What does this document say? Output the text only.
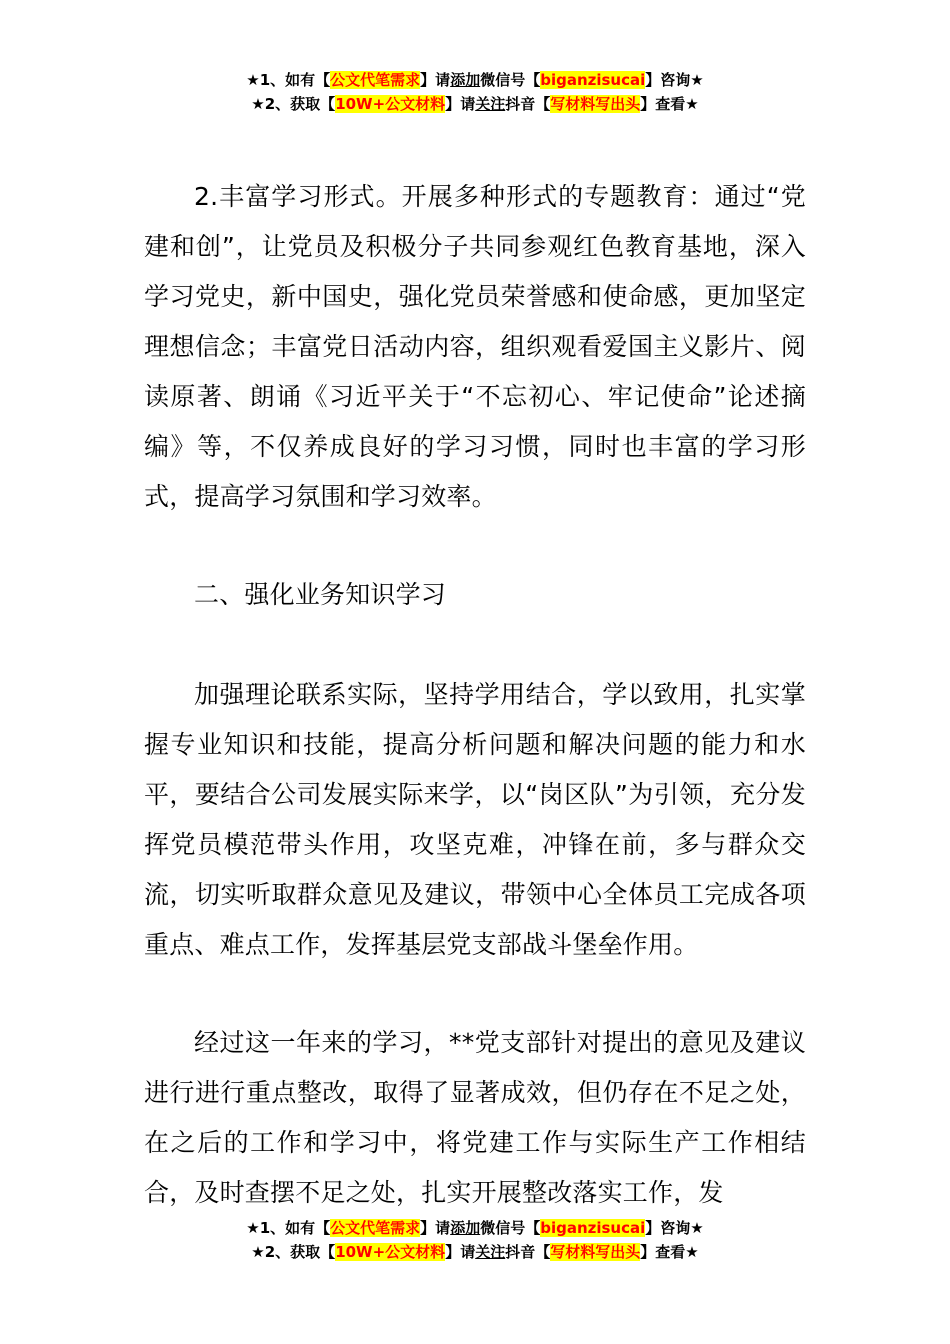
★1、如有【公文代笔需求】请添加微信号【biganzisucai】咨询★
★2、获取【10W+公文材料】请关注抖音【写材料写出头】查看★

2.丰富学习形式。开展多种形式的专题教育：通过“党建和创”，让党员及积极分子共同参观红色教育基地，深入学习党史，新中国史，强化党员荣誉感和使命感，更加坚定理想信念；丰富党日活动内容，组织观看爱国主义影片、阅读原著、朗诵《习近平关于“不忘初心、牢记使命”论述摘编》等，不仅养成良好的学习习惯，同时也丰富的学习形式，提高学习氛围和学习效率。

二、强化业务知识学习

加强理论联系实际，坚持学用结合，学以致用，扎实掌握专业知识和技能，提高分析问题和解决问题的能力和水平，要结合公司发展实际来学，以“岗区队”为引领，充分发挥党员模范带头作用，攻坚克难，冲锋在前，多与群众交流，切实听取群众意见及建议，带领中心全体员工完成各项重点、难点工作，发挥基层党支部战斗堡垒作用。

经过这一年来的学习，**党支部针对提出的意见及建议进行进行重点整改，取得了显著成效，但仍存在不足之处，在之后的工作和学习中，将党建工作与实际生产工作相结合，及时查摆不足之处，扎实开展整改落实工作，发

★1、如有【公文代笔需求】请添加微信号【biganzisucai】咨询★
★2、获取【10W+公文材料】请关注抖音【写材料写出头】查看★
